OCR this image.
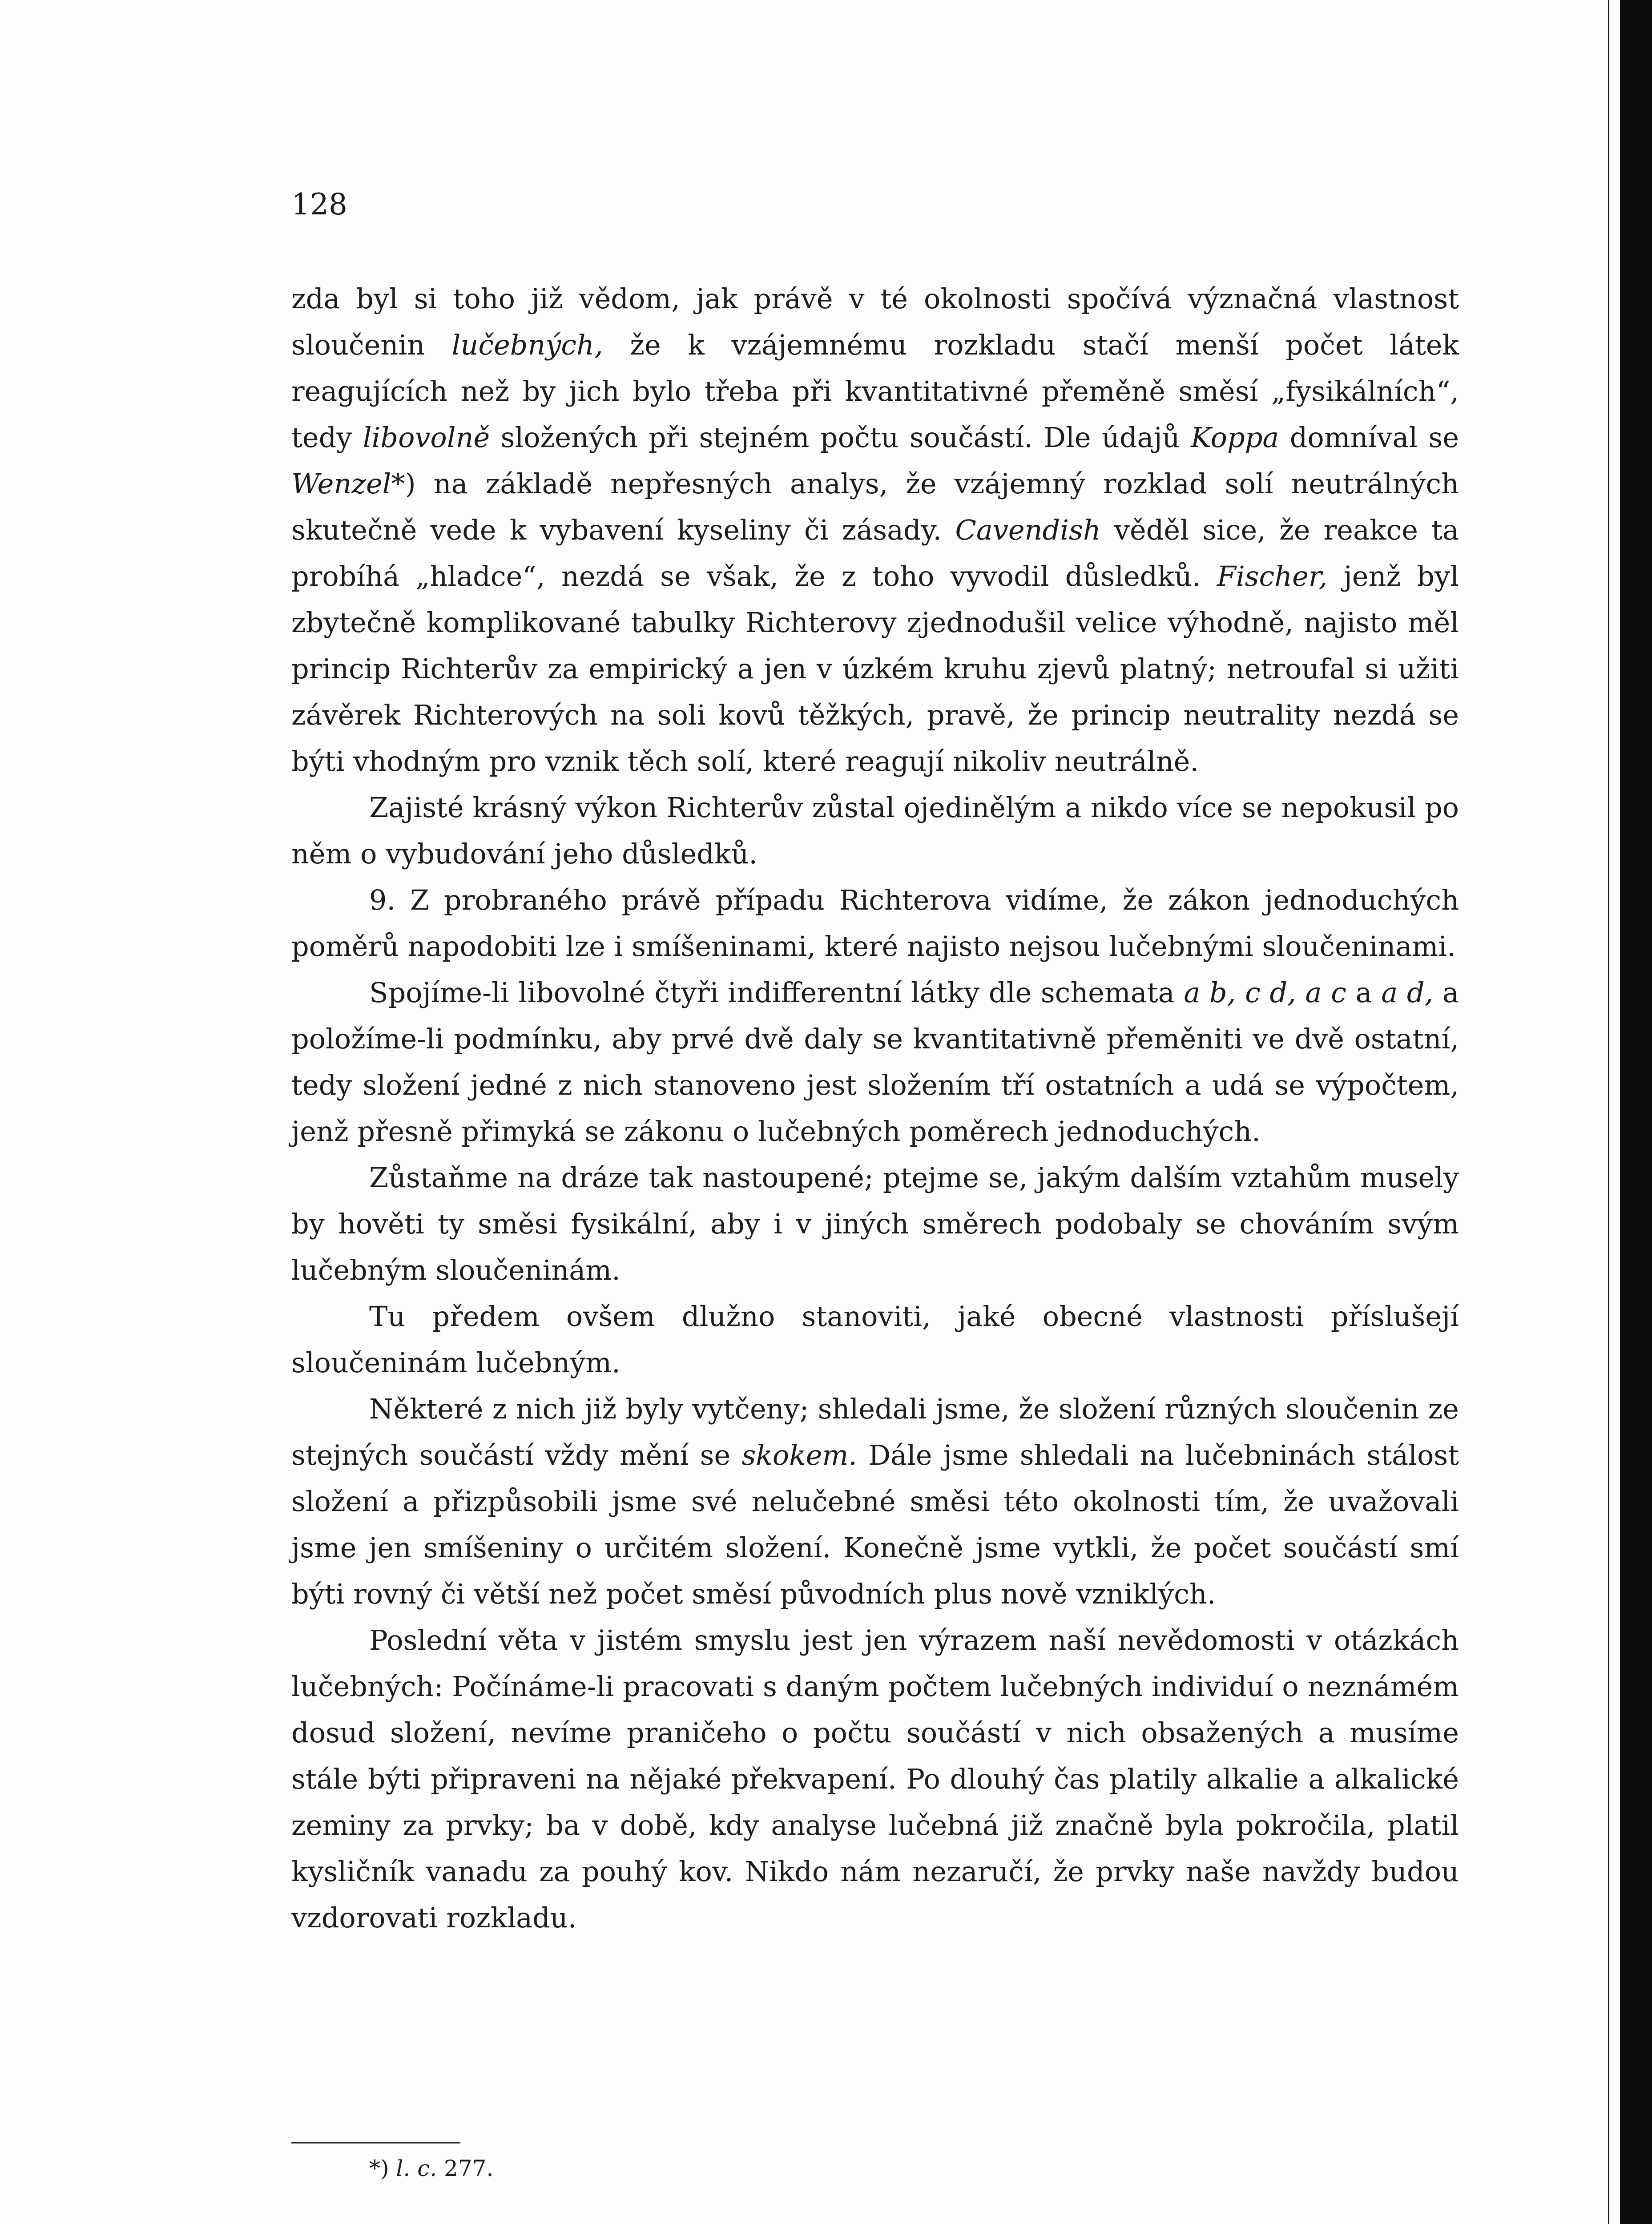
128

zda byl si toho již vědom, jak právě v té okolnosti spočívá význačná vlastnost sloučenin lučebných, že k vzájemnému rozkladu stačí menší počet látek reagujících než by jich bylo třeba při kvantitativné přeměně směsí „fysikálních“, tedy libovolně složených při stejném počtu součástí. Dle údajů Koppa domníval se Wenzel*) na základě nepřesných analys, že vzájemný rozklad solí neutrálných skutečně vede k vybavení kyseliny či zásady. Cavendish věděl sice, že reakce ta probíhá „hladce“, nezdá se však, že z toho vyvodil důsledků. Fischer, jenž byl zbytečně komplikované tabulky Richterovy zjednodušil velice výhodně, najisto měl princip Richterův za empirický a jen v úzkém kruhu zjevů platný; netroufal si užiti závěrek Richterových na soli kovů těžkých, pravě, že princip neutrality nezdá se býti vhodným pro vznik těch solí, které reagují nikoliv neutrálně.

Zajisté krásný výkon Richterův zůstal ojedinělým a nikdo více se nepokusil po něm o vybudování jeho důsledků.

9. Z probraného právě případu Richterova vidíme, že zákon jednoduchých poměrů napodobiti lze i smíšeninami, které najisto nejsou lučebnými sloučeninami.

Spojíme-li libovolné čtyři indifferentní látky dle schemata a b, c d, a c a a d, a položíme-li podmínku, aby prvé dvě daly se kvantitativně přeměniti ve dvě ostatní, tedy složení jedné z nich stanoveno jest složením tří ostatních a udá se výpočtem, jenž přesně přimyká se zákonu o lučebných poměrech jednoduchých.

Zůstaňme na dráze tak nastoupené; ptejme se, jakým dalším vztahům musely by hověti ty směsi fysikální, aby i v jiných směrech podobaly se chováním svým lučebným sloučeninám.

Tu předem ovšem dlužno stanoviti, jaké obecné vlastnosti příslušejí sloučeninám lučebným.

Některé z nich již byly vytčeny; shledali jsme, že složení různých sloučenin ze stejných součástí vždy mění se skokem. Dále jsme shledali na lučebninách stálost složení a přizpůsobili jsme své nelučebné směsi této okolnosti tím, že uvažovali jsme jen smíšeniny o určitém složení. Konečně jsme vytkli, že počet součástí smí býti rovný či větší než počet směsí původních plus nově vzniklých.

Poslední věta v jistém smyslu jest jen výrazem naší nevědomosti v otázkách lučebných: Počínáme-li pracovati s daným počtem lučebných individuí o neznámém dosud složení, nevíme praničeho o počtu součástí v nich obsažených a musíme stále býti připraveni na nějaké překvapení. Po dlouhý čas platily alkalie a alkalické zeminy za prvky; ba v době, kdy analyse lučebná již značně byla pokročila, platil kysličník vanadu za pouhý kov. Nikdo nám nezaručí, že prvky naše navždy budou vzdorovati rozkladu.

*) l. c. 277.
